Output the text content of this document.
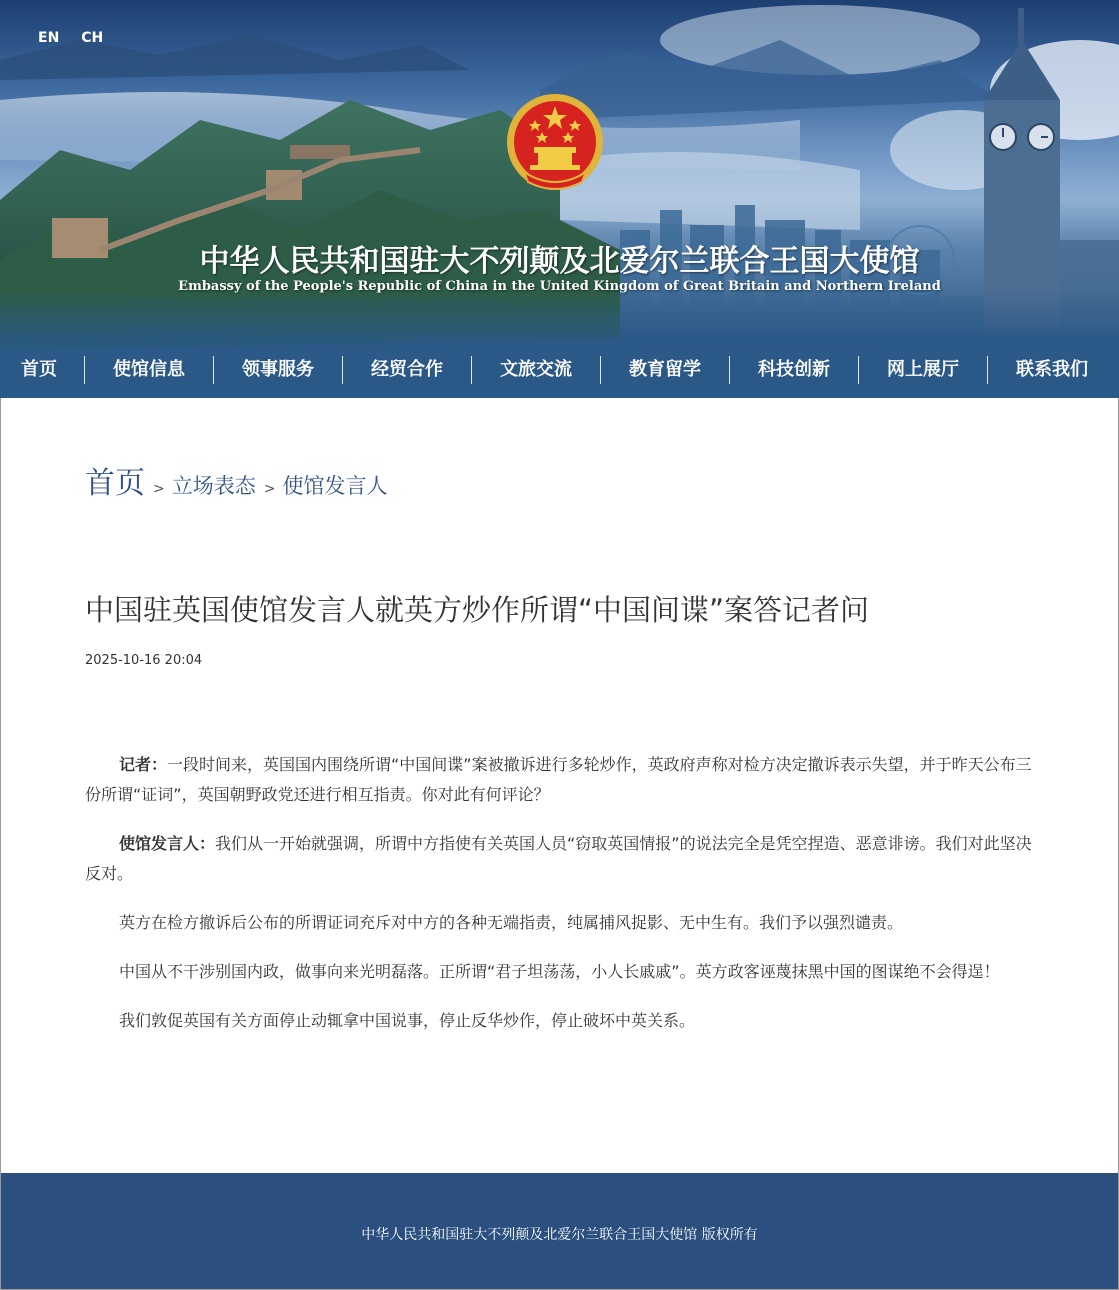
EN CH
中华人民共和国驻大不列颠及北爱尔兰联合王国大使馆
Embassy of the People's Republic of China in the United Kingdom of Great Britain and Northern Ireland
首页	使馆信息	领事服务	经贸合作	文旅交流	教育留学	科技创新	网上展厅	联系我们
首页 > 立场表态 > 使馆发言人
中国驻英国使馆发言人就英方炒作所谓“中国间谍”案答记者问
2025-10-16 20:04

记者：一段时间来，英国国内围绕所谓“中国间谍”案被撤诉进行多轮炒作，英政府声称对检方决定撤诉表示失望，并于昨天公布三份所谓“证词”，英国朝野政党还进行相互指责。你对此有何评论？

使馆发言人：我们从一开始就强调，所谓中方指使有关英国人员“窃取英国情报”的说法完全是凭空捏造、恶意诽谤。我们对此坚决反对。

英方在检方撤诉后公布的所谓证词充斥对中方的各种无端指责，纯属捕风捉影、无中生有。我们予以强烈谴责。

中国从不干涉别国内政，做事向来光明磊落。正所谓“君子坦荡荡，小人长戚戚”。英方政客诬蔑抹黑中国的图谋绝不会得逞！

我们敦促英国有关方面停止动辄拿中国说事，停止反华炒作，停止破坏中英关系。

中华人民共和国驻大不列颠及北爱尔兰联合王国大使馆 版权所有
